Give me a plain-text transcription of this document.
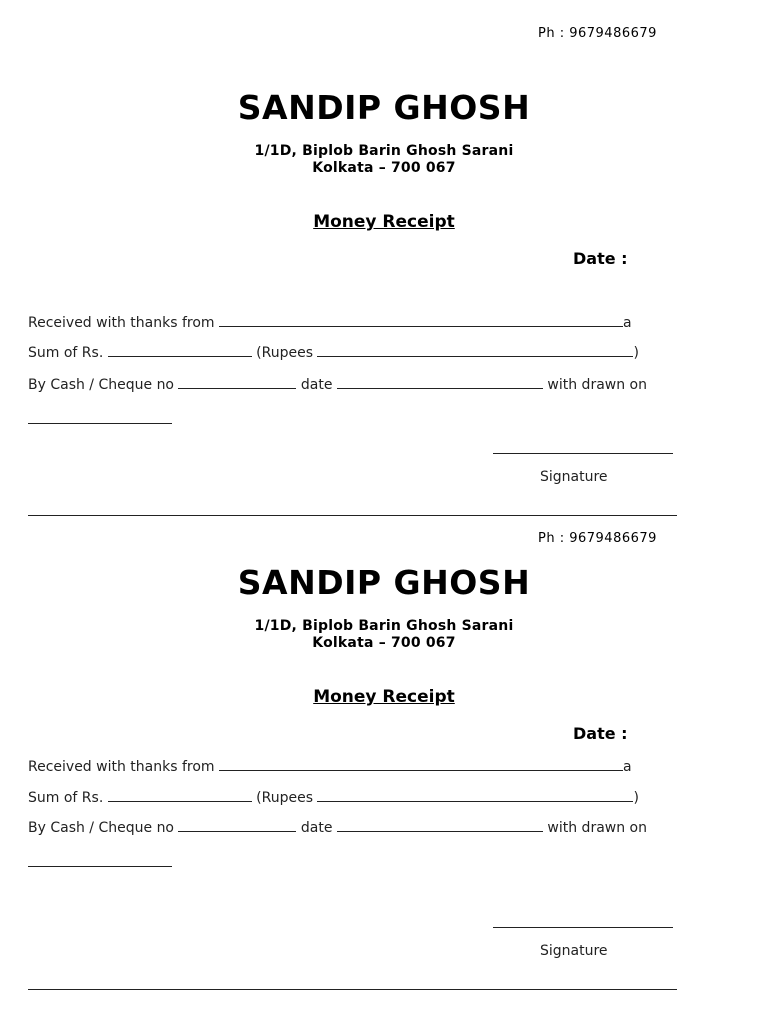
Ph : 9679486679
SANDIP GHOSH
1/1D, Biplob Barin Ghosh Sarani
Kolkata – 700 067
Money Receipt
Date :
Received with thanks from	a
Sum of Rs.	(Rupees	)
By Cash / Cheque no	date	with drawn on
Signature
Ph : 9679486679
SANDIP GHOSH
1/1D, Biplob Barin Ghosh Sarani
Kolkata – 700 067
Money Receipt
Date :
Received with thanks from	a
Sum of Rs.	(Rupees	)
By Cash / Cheque no	date	with drawn on
Signature
